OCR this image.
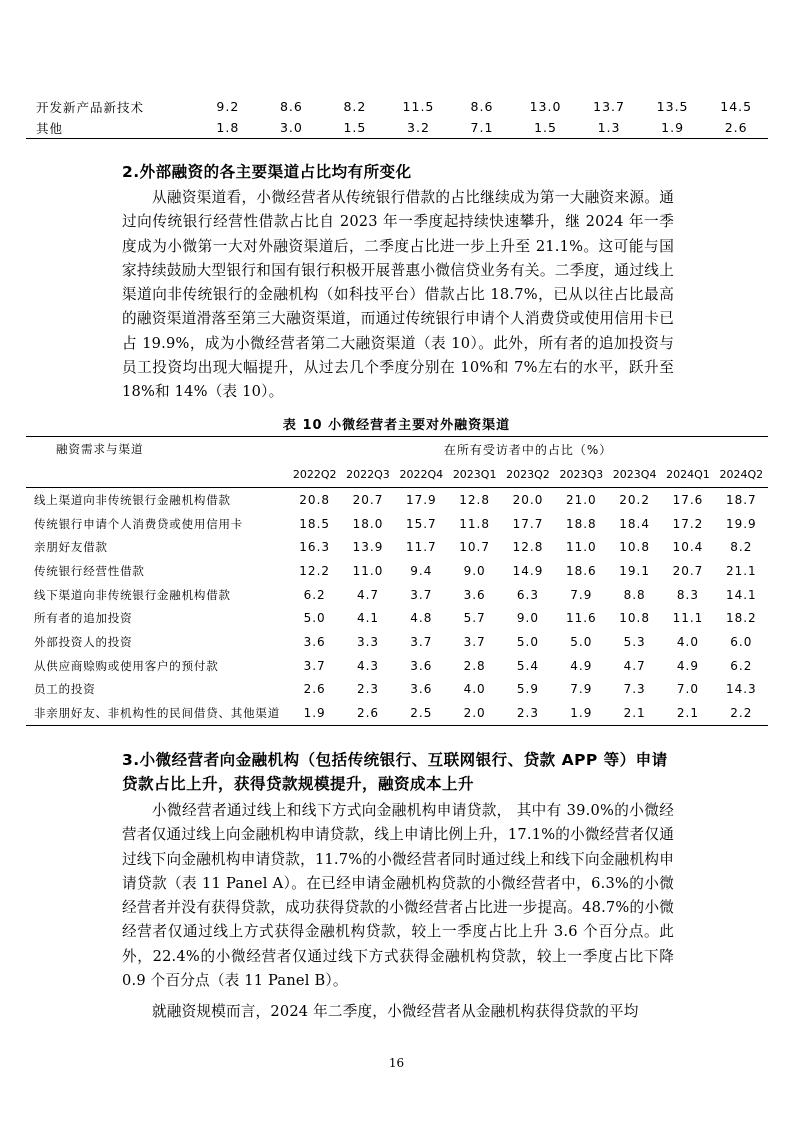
开发新产品新技术	9.2	8.6	8.2	11.5	8.6	13.0	13.7	13.5	14.5
其他	1.8	3.0	1.5	3.2	7.1	1.5	1.3	1.9	2.6
2.外部融资的各主要渠道占比均有所变化

从融资渠道看，小微经营者从传统银行借款的占比继续成为第一大融资来源。通过向传统银行经营性借款占比自 2023 年一季度起持续快速攀升，继 2024 年一季度成为小微第一大对外融资渠道后，二季度占比进一步上升至 21.1%。这可能与国家持续鼓励大型银行和国有银行积极开展普惠小微信贷业务有关。二季度，通过线上渠道向非传统银行的金融机构（如科技平台）借款占比 18.7%，已从以往占比最高的融资渠道滑落至第三大融资渠道，而通过传统银行申请个人消费贷或使用信用卡已占 19.9%，成为小微经营者第二大融资渠道（表 10）。此外，所有者的追加投资与员工投资均出现大幅提升，从过去几个季度分别在 10%和 7%左右的水平，跃升至 18%和 14%（表 10）。

表 10 小微经营者主要对外融资渠道
融资需求与渠道	在所有受访者中的占比（%）								
	2022Q2	2022Q3	2022Q4	2023Q1	2023Q2	2023Q3	2023Q4	2024Q1	2024Q2
线上渠道向非传统银行金融机构借款	20.8	20.7	17.9	12.8	20.0	21.0	20.2	17.6	18.7
传统银行申请个人消费贷或使用信用卡	18.5	18.0	15.7	11.8	17.7	18.8	18.4	17.2	19.9
亲朋好友借款	16.3	13.9	11.7	10.7	12.8	11.0	10.8	10.4	8.2
传统银行经营性借款	12.2	11.0	9.4	9.0	14.9	18.6	19.1	20.7	21.1
线下渠道向非传统银行金融机构借款	6.2	4.7	3.7	3.6	6.3	7.9	8.8	8.3	14.1
所有者的追加投资	5.0	4.1	4.8	5.7	9.0	11.6	10.8	11.1	18.2
外部投资人的投资	3.6	3.3	3.7	3.7	5.0	5.0	5.3	4.0	6.0
从供应商赊购或使用客户的预付款	3.7	4.3	3.6	2.8	5.4	4.9	4.7	4.9	6.2
员工的投资	2.6	2.3	3.6	4.0	5.9	7.9	7.3	7.0	14.3
非亲朋好友、非机构性的民间借贷、其他渠道	1.9	2.6	2.5	2.0	2.3	1.9	2.1	2.1	2.2
3.小微经营者向金融机构（包括传统银行、互联网银行、贷款 APP 等）申请
贷款占比上升，获得贷款规模提升，融资成本上升

小微经营者通过线上和线下方式向金融机构申请贷款， 其中有 39.0%的小微经营者仅通过线上向金融机构申请贷款，线上申请比例上升，17.1%的小微经营者仅通过线下向金融机构申请贷款，11.7%的小微经营者同时通过线上和线下向金融机构申请贷款（表 11 Panel A）。在已经申请金融机构贷款的小微经营者中，6.3%的小微经营者并没有获得贷款，成功获得贷款的小微经营者占比进一步提高。48.7%的小微经营者仅通过线上方式获得金融机构贷款，较上一季度占比上升 3.6 个百分点。此外，22.4%的小微经营者仅通过线下方式获得金融机构贷款，较上一季度占比下降 0.9 个百分点（表 11 Panel B）。

就融资规模而言，2024 年二季度，小微经营者从金融机构获得贷款的平均

16
